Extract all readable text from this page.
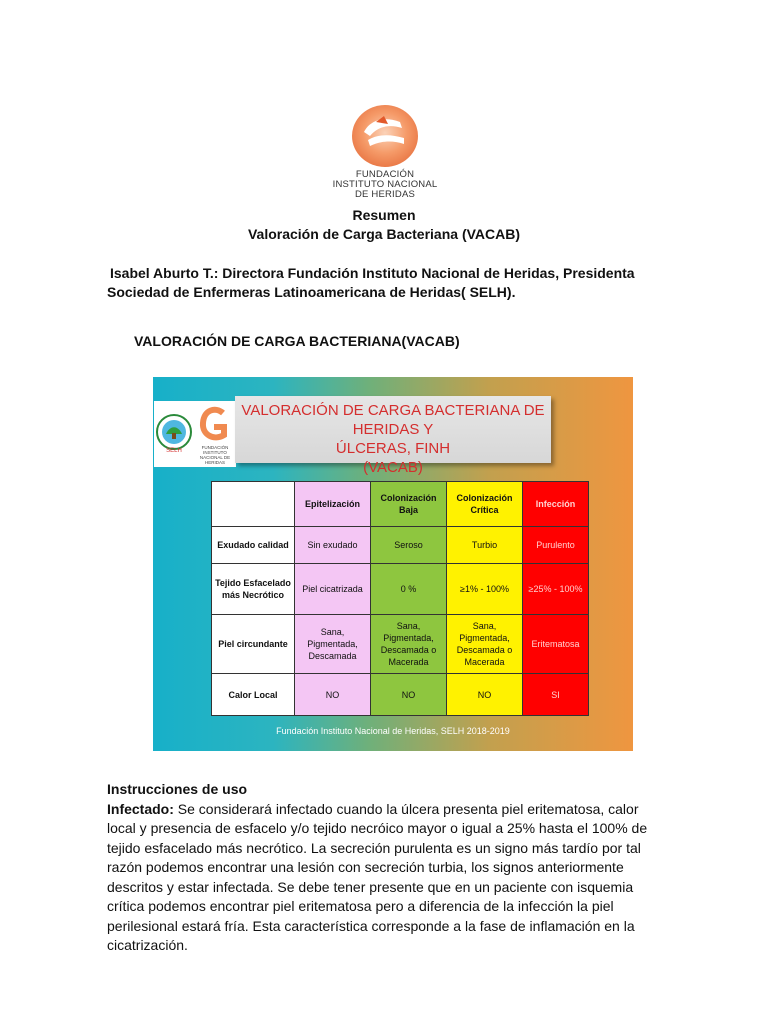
FUNDACIÓN
INSTITUTO NACIONAL
DE HERIDAS
Resumen
Valoración de Carga Bacteriana (VACAB)
Isabel Aburto T.: Directora Fundación Instituto Nacional de Heridas, Presidenta
Sociedad de Enfermeras Latinoamericana de Heridas( SELH).
VALORACIÓN DE CARGA BACTERIANA(VACAB)
SELH
FUNDACIÓN INSTITUTO NACIONAL DE HERIDAS
VALORACIÓN DE CARGA BACTERIANA DE HERIDAS Y
ÚLCERAS, FINH
(VACAB)
	Epitelización	Colonización Baja	Colonización Crítica	Infección
Exudado calidad	Sin exudado	Seroso	Turbio	Purulento
Tejido Esfacelado más Necrótico	Piel cicatrizada	0 %	≥1% - 100%	≥25% - 100%
Piel circundante	Sana, Pigmentada, Descamada	Sana, Pigmentada, Descamada o Macerada	Sana, Pigmentada, Descamada o Macerada	Eritematosa
Calor Local	NO	NO	NO	SI
Fundación Instituto Nacional de Heridas, SELH 2018-2019
Instrucciones de uso
Infectado: Se considerará infectado cuando la úlcera presenta piel eritematosa, calor local y presencia de esfacelo y/o tejido necróico mayor o igual a 25% hasta el 100% de tejido esfacelado más necrótico. La secreción purulenta es un signo más tardío por tal razón podemos encontrar una lesión con secreción turbia, los signos anteriormente descritos y estar infectada. Se debe tener presente que en un paciente con isquemia crítica podemos encontrar piel eritematosa pero a diferencia de la infección la piel perilesional estará fría. Esta característica corresponde a la fase de inflamación en la cicatrización.
